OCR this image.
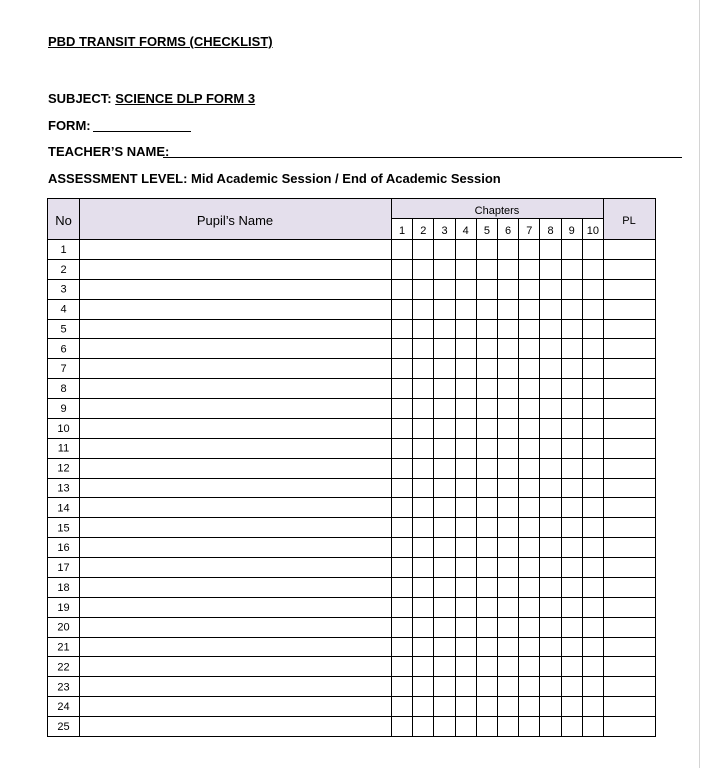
PBD TRANSIT FORMS (CHECKLIST)
SUBJECT: SCIENCE DLP FORM 3
FORM:
TEACHER’S NAME:
ASSESSMENT LEVEL: Mid Academic Session / End of Academic Session
No	Pupil’s Name
Chapters
PL
1 2 3 4 5 6 7 8 9 10
1
2
3
4
5
6
7
8
9
10
11
12
13
14
15
16
17
18
19
20
21
22
23
24
25
